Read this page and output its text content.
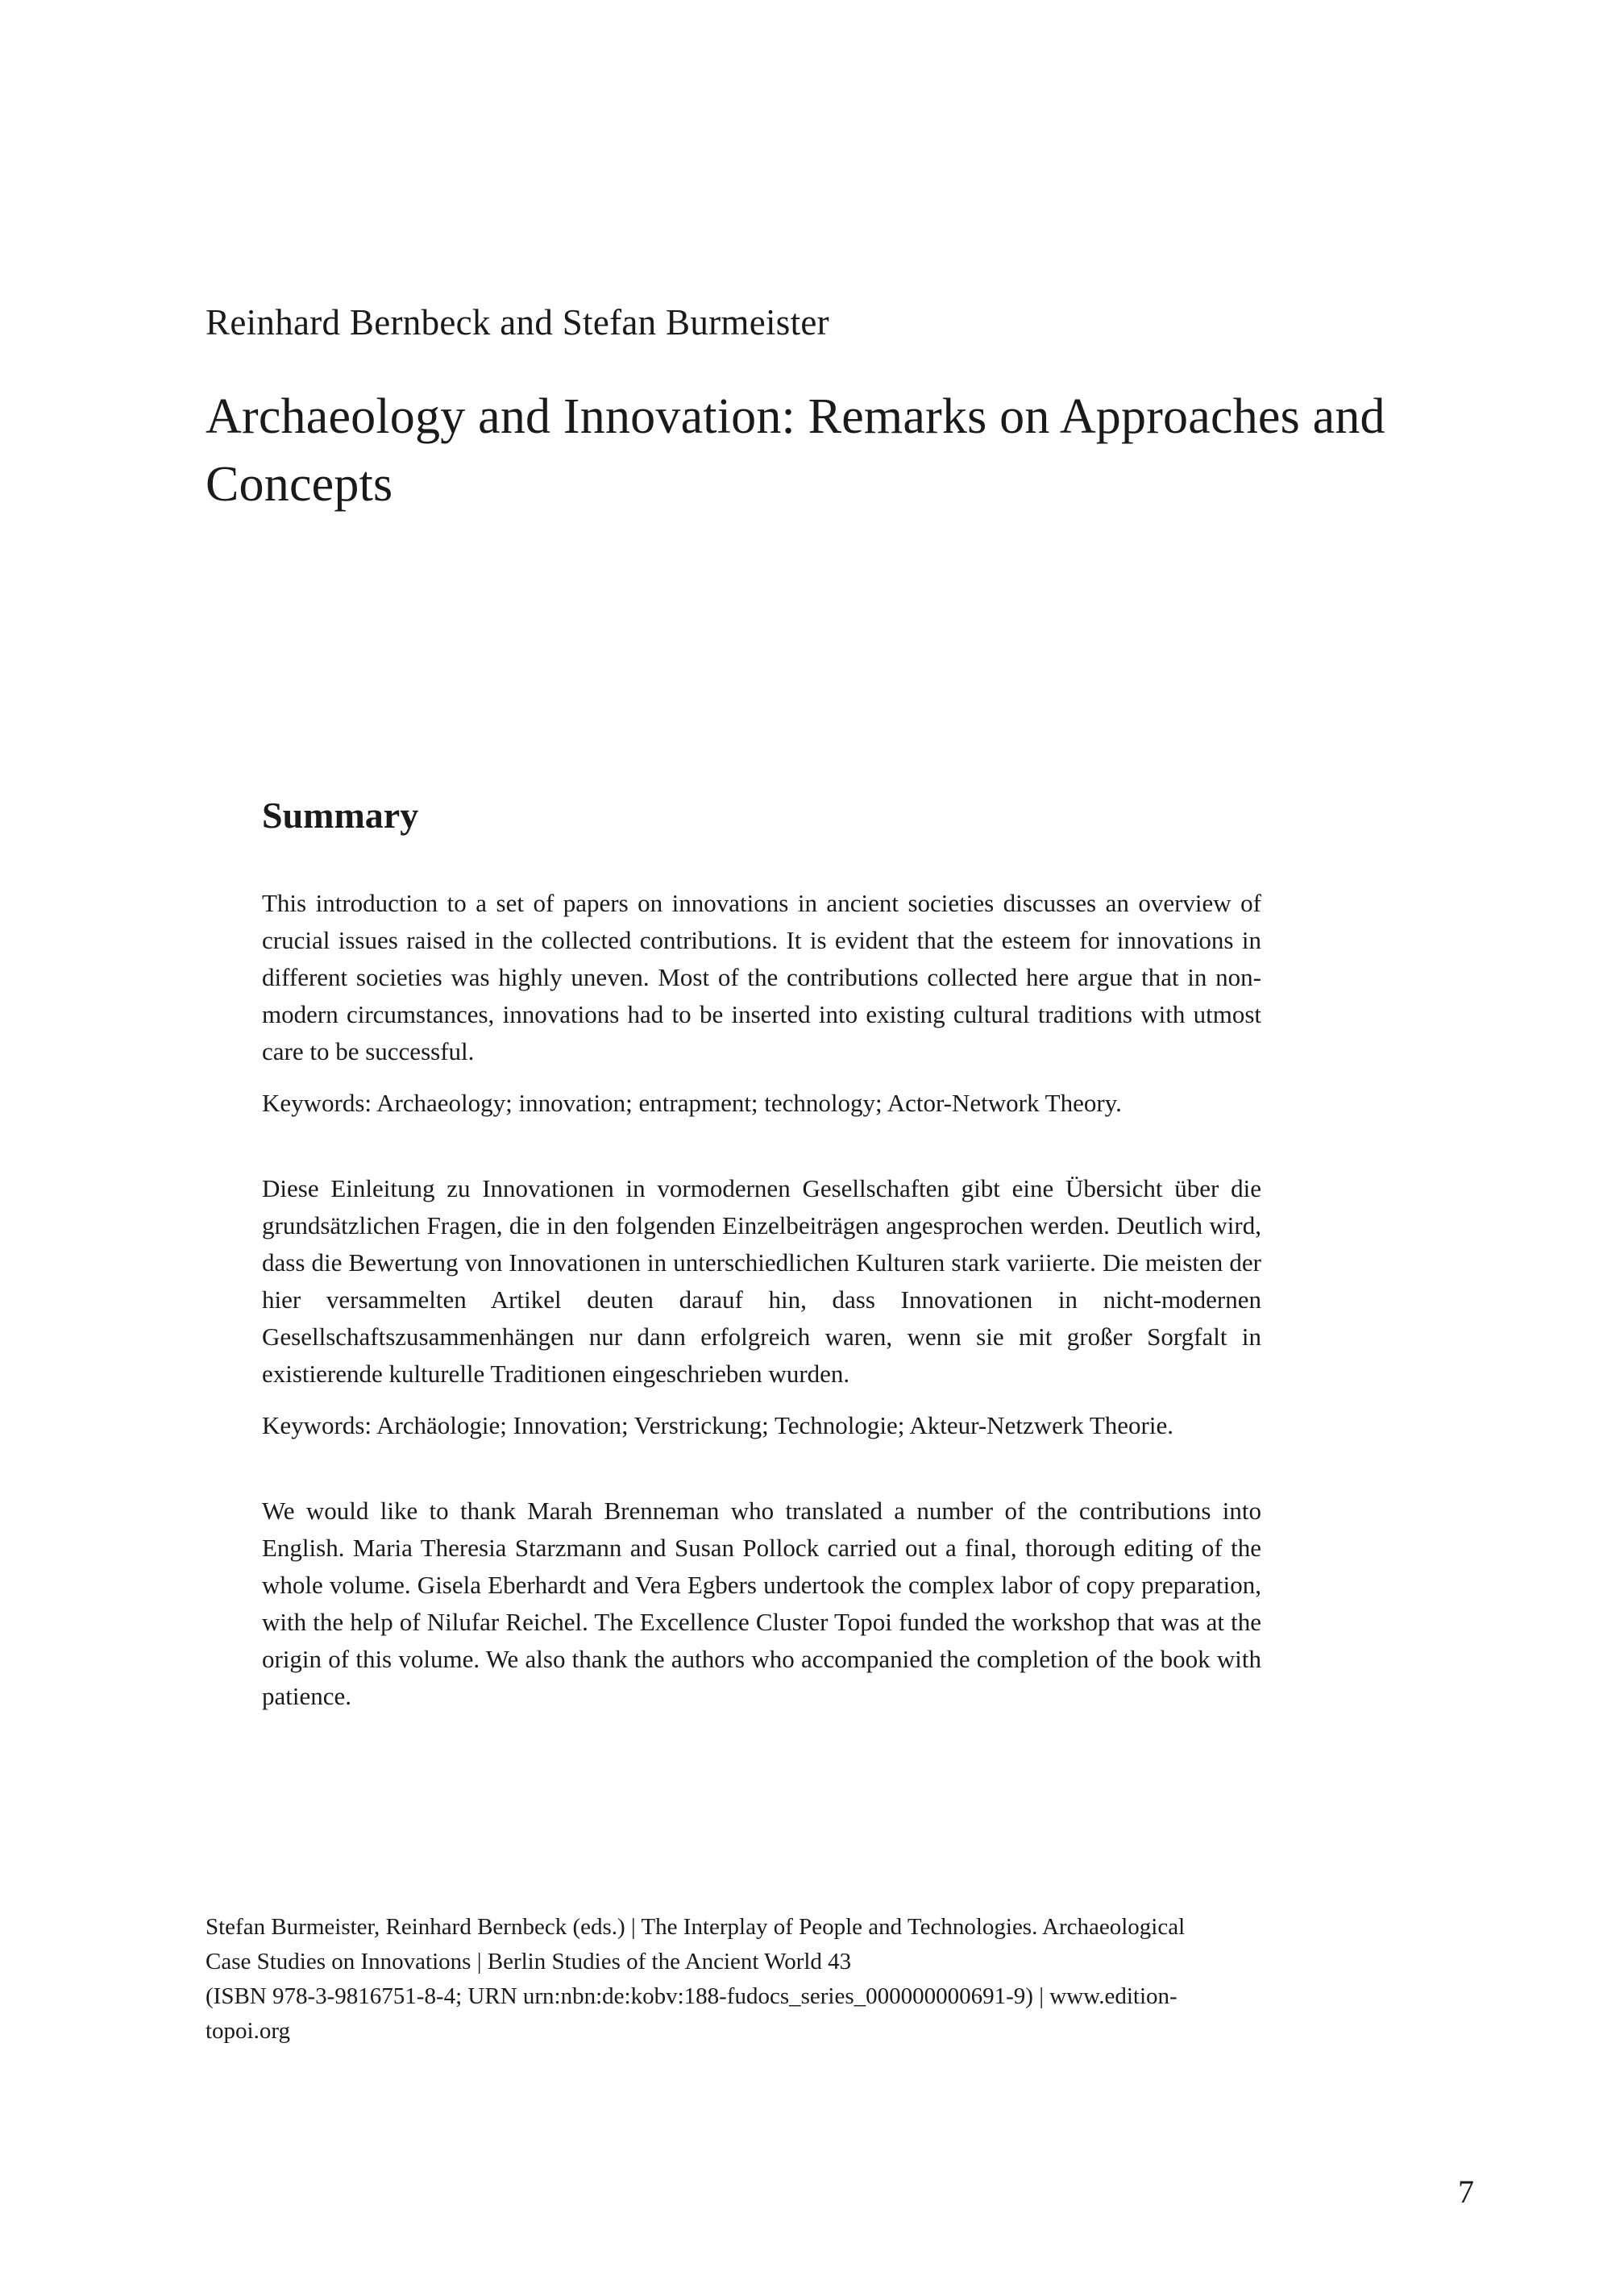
Reinhard Bernbeck and Stefan Burmeister
Archaeology and Innovation: Remarks on Approaches and Concepts
Summary

This introduction to a set of papers on innovations in ancient societies discusses an overview of crucial issues raised in the collected contributions. It is evident that the esteem for innovations in different societies was highly uneven. Most of the contributions collected here argue that in non-modern circumstances, innovations had to be inserted into existing cultural traditions with utmost care to be successful.

Keywords: Archaeology; innovation; entrapment; technology; Actor-Network Theory.

Diese Einleitung zu Innovationen in vormodernen Gesellschaften gibt eine Übersicht über die grundsätzlichen Fragen, die in den folgenden Einzelbeiträgen angesprochen werden. Deutlich wird, dass die Bewertung von Innovationen in unterschiedlichen Kulturen stark variierte. Die meisten der hier versammelten Artikel deuten darauf hin, dass Innovationen in nicht-modernen Gesellschaftszusammenhängen nur dann erfolgreich waren, wenn sie mit großer Sorgfalt in existierende kulturelle Traditionen eingeschrieben wurden.

Keywords: Archäologie; Innovation; Verstrickung; Technologie; Akteur-Netzwerk Theorie.

We would like to thank Marah Brenneman who translated a number of the contributions into English. Maria Theresia Starzmann and Susan Pollock carried out a final, thorough editing of the whole volume. Gisela Eberhardt and Vera Egbers undertook the complex labor of copy preparation, with the help of Nilufar Reichel. The Excellence Cluster Topoi funded the workshop that was at the origin of this volume. We also thank the authors who accompanied the completion of the book with patience.

Stefan Burmeister, Reinhard Bernbeck (eds.) | The Interplay of People and Technologies. Archaeological
Case Studies on Innovations | Berlin Studies of the Ancient World 43
(ISBN 978-3-9816751-8-4; URN urn:nbn:de:kobv:188-fudocs_series_000000000691-9) | www.edition-
topoi.org

7
